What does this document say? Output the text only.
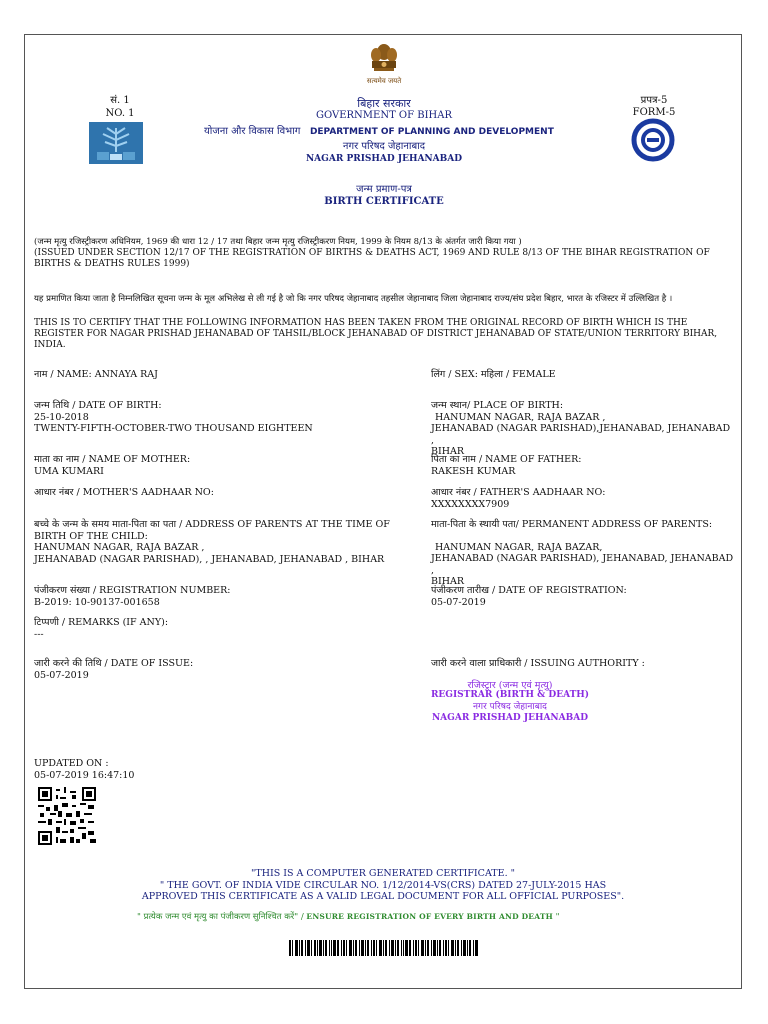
सत्यमेव जयते
सं. 1
NO. 1
बिहार सरकार
GOVERNMENT OF BIHAR
योजना और विकास विभाग DEPARTMENT OF PLANNING AND DEVELOPMENT
नगर परिषद जेहानाबाद
NAGAR PRISHAD JEHANABAD
प्रपत्र-5
FORM-5
जन्म प्रमाण-पत्र
BIRTH CERTIFICATE
(जन्म मृत्यु रजिस्ट्रीकरण अधिनियम, 1969 की धारा 12 / 17 तथा बिहार जन्म मृत्यु रजिस्ट्रीकरण नियम, 1999 के नियम 8/13 के अंतर्गत जारी किया गया )
(ISSUED UNDER SECTION 12/17 OF THE REGISTRATION OF BIRTHS & DEATHS ACT, 1969 AND RULE 8/13 OF THE BIHAR REGISTRATION OF BIRTHS & DEATHS RULES 1999)
यह प्रमाणित किया जाता है निम्नलिखित सूचना जन्म के मूल अभिलेख से ली गई है जो कि नगर परिषद जेहानाबाद तहसील जेहानाबाद जिला जेहानाबाद राज्य/संघ प्रदेश बिहार, भारत के रजिस्टर में उल्लिखित है ।
THIS IS TO CERTIFY THAT THE FOLLOWING INFORMATION HAS BEEN TAKEN FROM THE ORIGINAL RECORD OF BIRTH WHICH IS THE REGISTER FOR NAGAR PRISHAD JEHANABAD OF TAHSIL/BLOCK JEHANABAD OF DISTRICT JEHANABAD OF STATE/UNION TERRITORY BIHAR, INDIA.
नाम / NAME: ANNAYA RAJ	लिंग / SEX: महिला / FEMALE
जन्म तिथि / DATE OF BIRTH:
25-10-2018
TWENTY-FIFTH-OCTOBER-TWO THOUSAND EIGHTEEN
जन्म स्थान/ PLACE OF BIRTH:
HANUMAN NAGAR, RAJA BAZAR ,
JEHANABAD (NAGAR PARISHAD),JEHANABAD, JEHANABAD ,
BIHAR
माता का नाम / NAME OF MOTHER:
UMA KUMARI
पिता का नाम / NAME OF FATHER:
RAKESH KUMAR
आधार नंबर / MOTHER'S AADHAAR NO:	आधार नंबर / FATHER'S AADHAAR NO:
XXXXXXXX7909
बच्चे के जन्म के समय माता-पिता का पता / ADDRESS OF PARENTS AT THE TIME OF BIRTH OF THE CHILD:
HANUMAN NAGAR, RAJA BAZAR ,
JEHANABAD (NAGAR PARISHAD), , JEHANABAD, JEHANABAD , BIHAR
माता-पिता के स्थायी पता/ PERMANENT ADDRESS OF PARENTS:
HANUMAN NAGAR, RAJA BAZAR,
JEHANABAD (NAGAR PARISHAD), JEHANABAD, JEHANABAD ,
BIHAR
पंजीकरण संख्या / REGISTRATION NUMBER:
B-2019: 10-90137-001658
पंजीकरण तारीख / DATE OF REGISTRATION:
05-07-2019
टिप्पणी / REMARKS (IF ANY):
---
जारी करने की तिथि / DATE OF ISSUE:
05-07-2019
जारी करने वाला प्राधिकारी / ISSUING AUTHORITY :
रजिस्ट्रार (जन्म एवं मृत्यु)
REGISTRAR (BIRTH & DEATH)
नगर परिषद जेहानाबाद
NAGAR PRISHAD JEHANABAD
UPDATED ON :
05-07-2019 16:47:10
"THIS IS A COMPUTER GENERATED CERTIFICATE. "
" THE GOVT. OF INDIA VIDE CIRCULAR NO. 1/12/2014-VS(CRS) DATED 27-JULY-2015 HAS
APPROVED THIS CERTIFICATE AS A VALID LEGAL DOCUMENT FOR ALL OFFICIAL PURPOSES".
" प्रत्येक जन्म एवं मृत्यु का पंजीकरण सुनिश्चित करें" / ENSURE REGISTRATION OF EVERY BIRTH AND DEATH "
